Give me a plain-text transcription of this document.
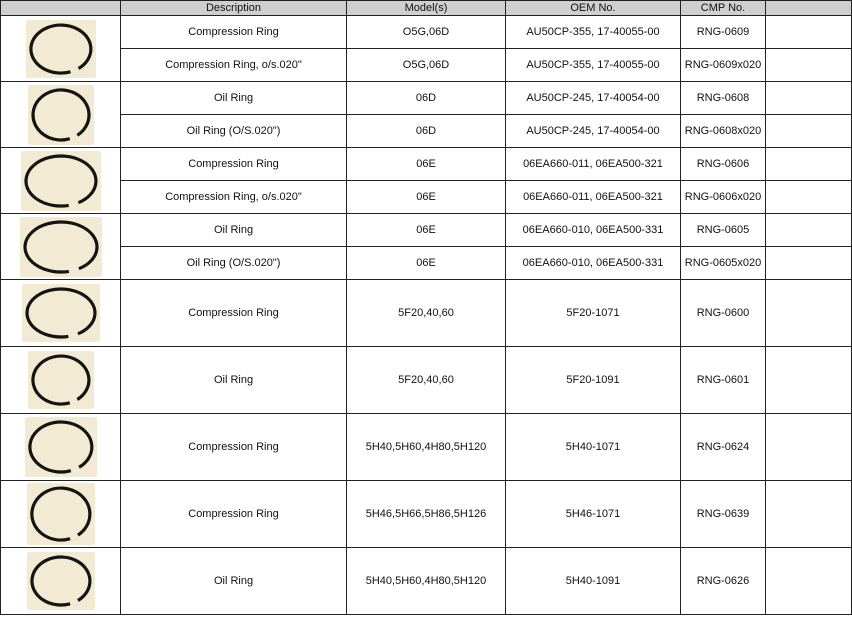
	Description	Model(s)	OEM No.	CMP No.	

	Compression Ring	O5G,06D	AU50CP-355, 17-40055-00	RNG-0609	
	Compression Ring, o/s.020"	O5G,06D	AU50CP-355, 17-40055-00	RNG-0609x020	

	Oil Ring	06D	AU50CP-245, 17-40054-00	RNG-0608	
	Oil Ring (O/S.020")	06D	AU50CP-245, 17-40054-00	RNG-0608x020	

	Compression Ring	06E	06EA660-011, 06EA500-321	RNG-0606	
	Compression Ring, o/s.020"	06E	06EA660-011, 06EA500-321	RNG-0606x020	

	Oil Ring	06E	06EA660-010, 06EA500-331	RNG-0605	
	Oil Ring (O/S.020")	06E	06EA660-010, 06EA500-331	RNG-0605x020	

	Compression Ring	5F20,40,60	5F20-1071	RNG-0600	

	Oil Ring	5F20,40,60	5F20-1091	RNG-0601	

	Compression Ring	5H40,5H60,4H80,5H120	5H40-1071	RNG-0624	

	Compression Ring	5H46,5H66,5H86,5H126	5H46-1071	RNG-0639	

	Oil Ring	5H40,5H60,4H80,5H120	5H40-1091	RNG-0626	
